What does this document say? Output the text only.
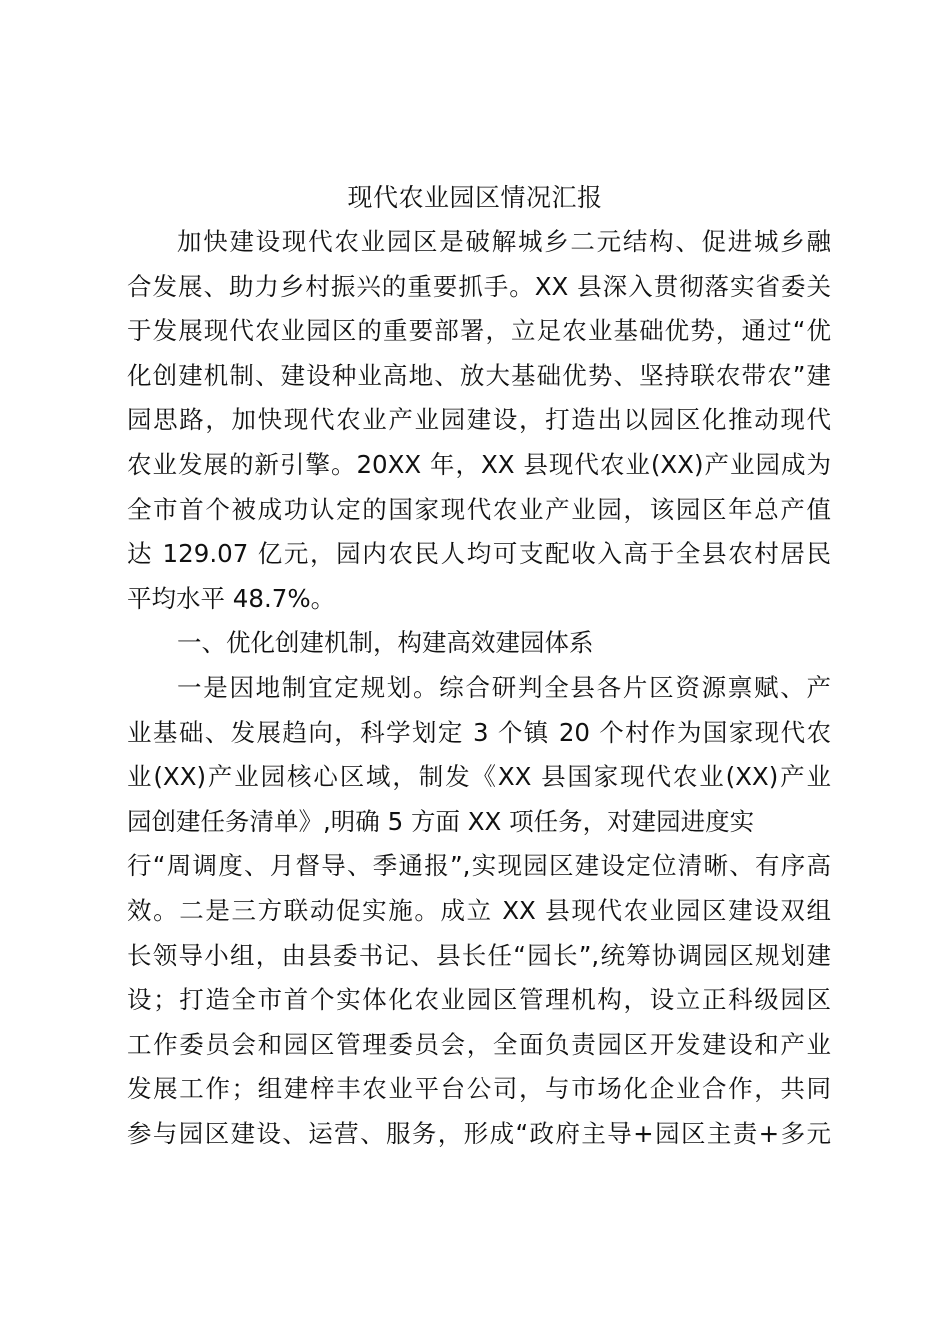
现代农业园区情况汇报
加快建设现代农业园区是破解城乡二元结构、促进城乡融
合发展、助力乡村振兴的重要抓手。XX 县深入贯彻落实省委关
于发展现代农业园区的重要部署，立足农业基础优势，通过“优
化创建机制、建设种业高地、放大基础优势、坚持联农带农”建
园思路，加快现代农业产业园建设，打造出以园区化推动现代
农业发展的新引擎。20XX 年，XX 县现代农业(XX)产业园成为
全市首个被成功认定的国家现代农业产业园，该园区年总产值
达 129.07 亿元，园内农民人均可支配收入高于全县农村居民
平均水平 48.7%。
一、优化创建机制，构建高效建园体系
一是因地制宜定规划。综合研判全县各片区资源禀赋、产
业基础、发展趋向，科学划定 3 个镇 20 个村作为国家现代农
业(XX)产业园核心区域，制发《XX 县国家现代农业(XX)产业
园创建任务清单》,明确 5 方面 XX 项任务，对建园进度实
行“周调度、月督导、季通报”,实现园区建设定位清晰、有序高
效。二是三方联动促实施。成立 XX 县现代农业园区建设双组
长领导小组，由县委书记、县长任“园长”,统筹协调园区规划建
设；打造全市首个实体化农业园区管理机构，设立正科级园区
工作委员会和园区管理委员会，全面负责园区开发建设和产业
发展工作；组建梓丰农业平台公司，与市场化企业合作，共同
参与园区建设、运营、服务，形成“政府主导+园区主责+多元
